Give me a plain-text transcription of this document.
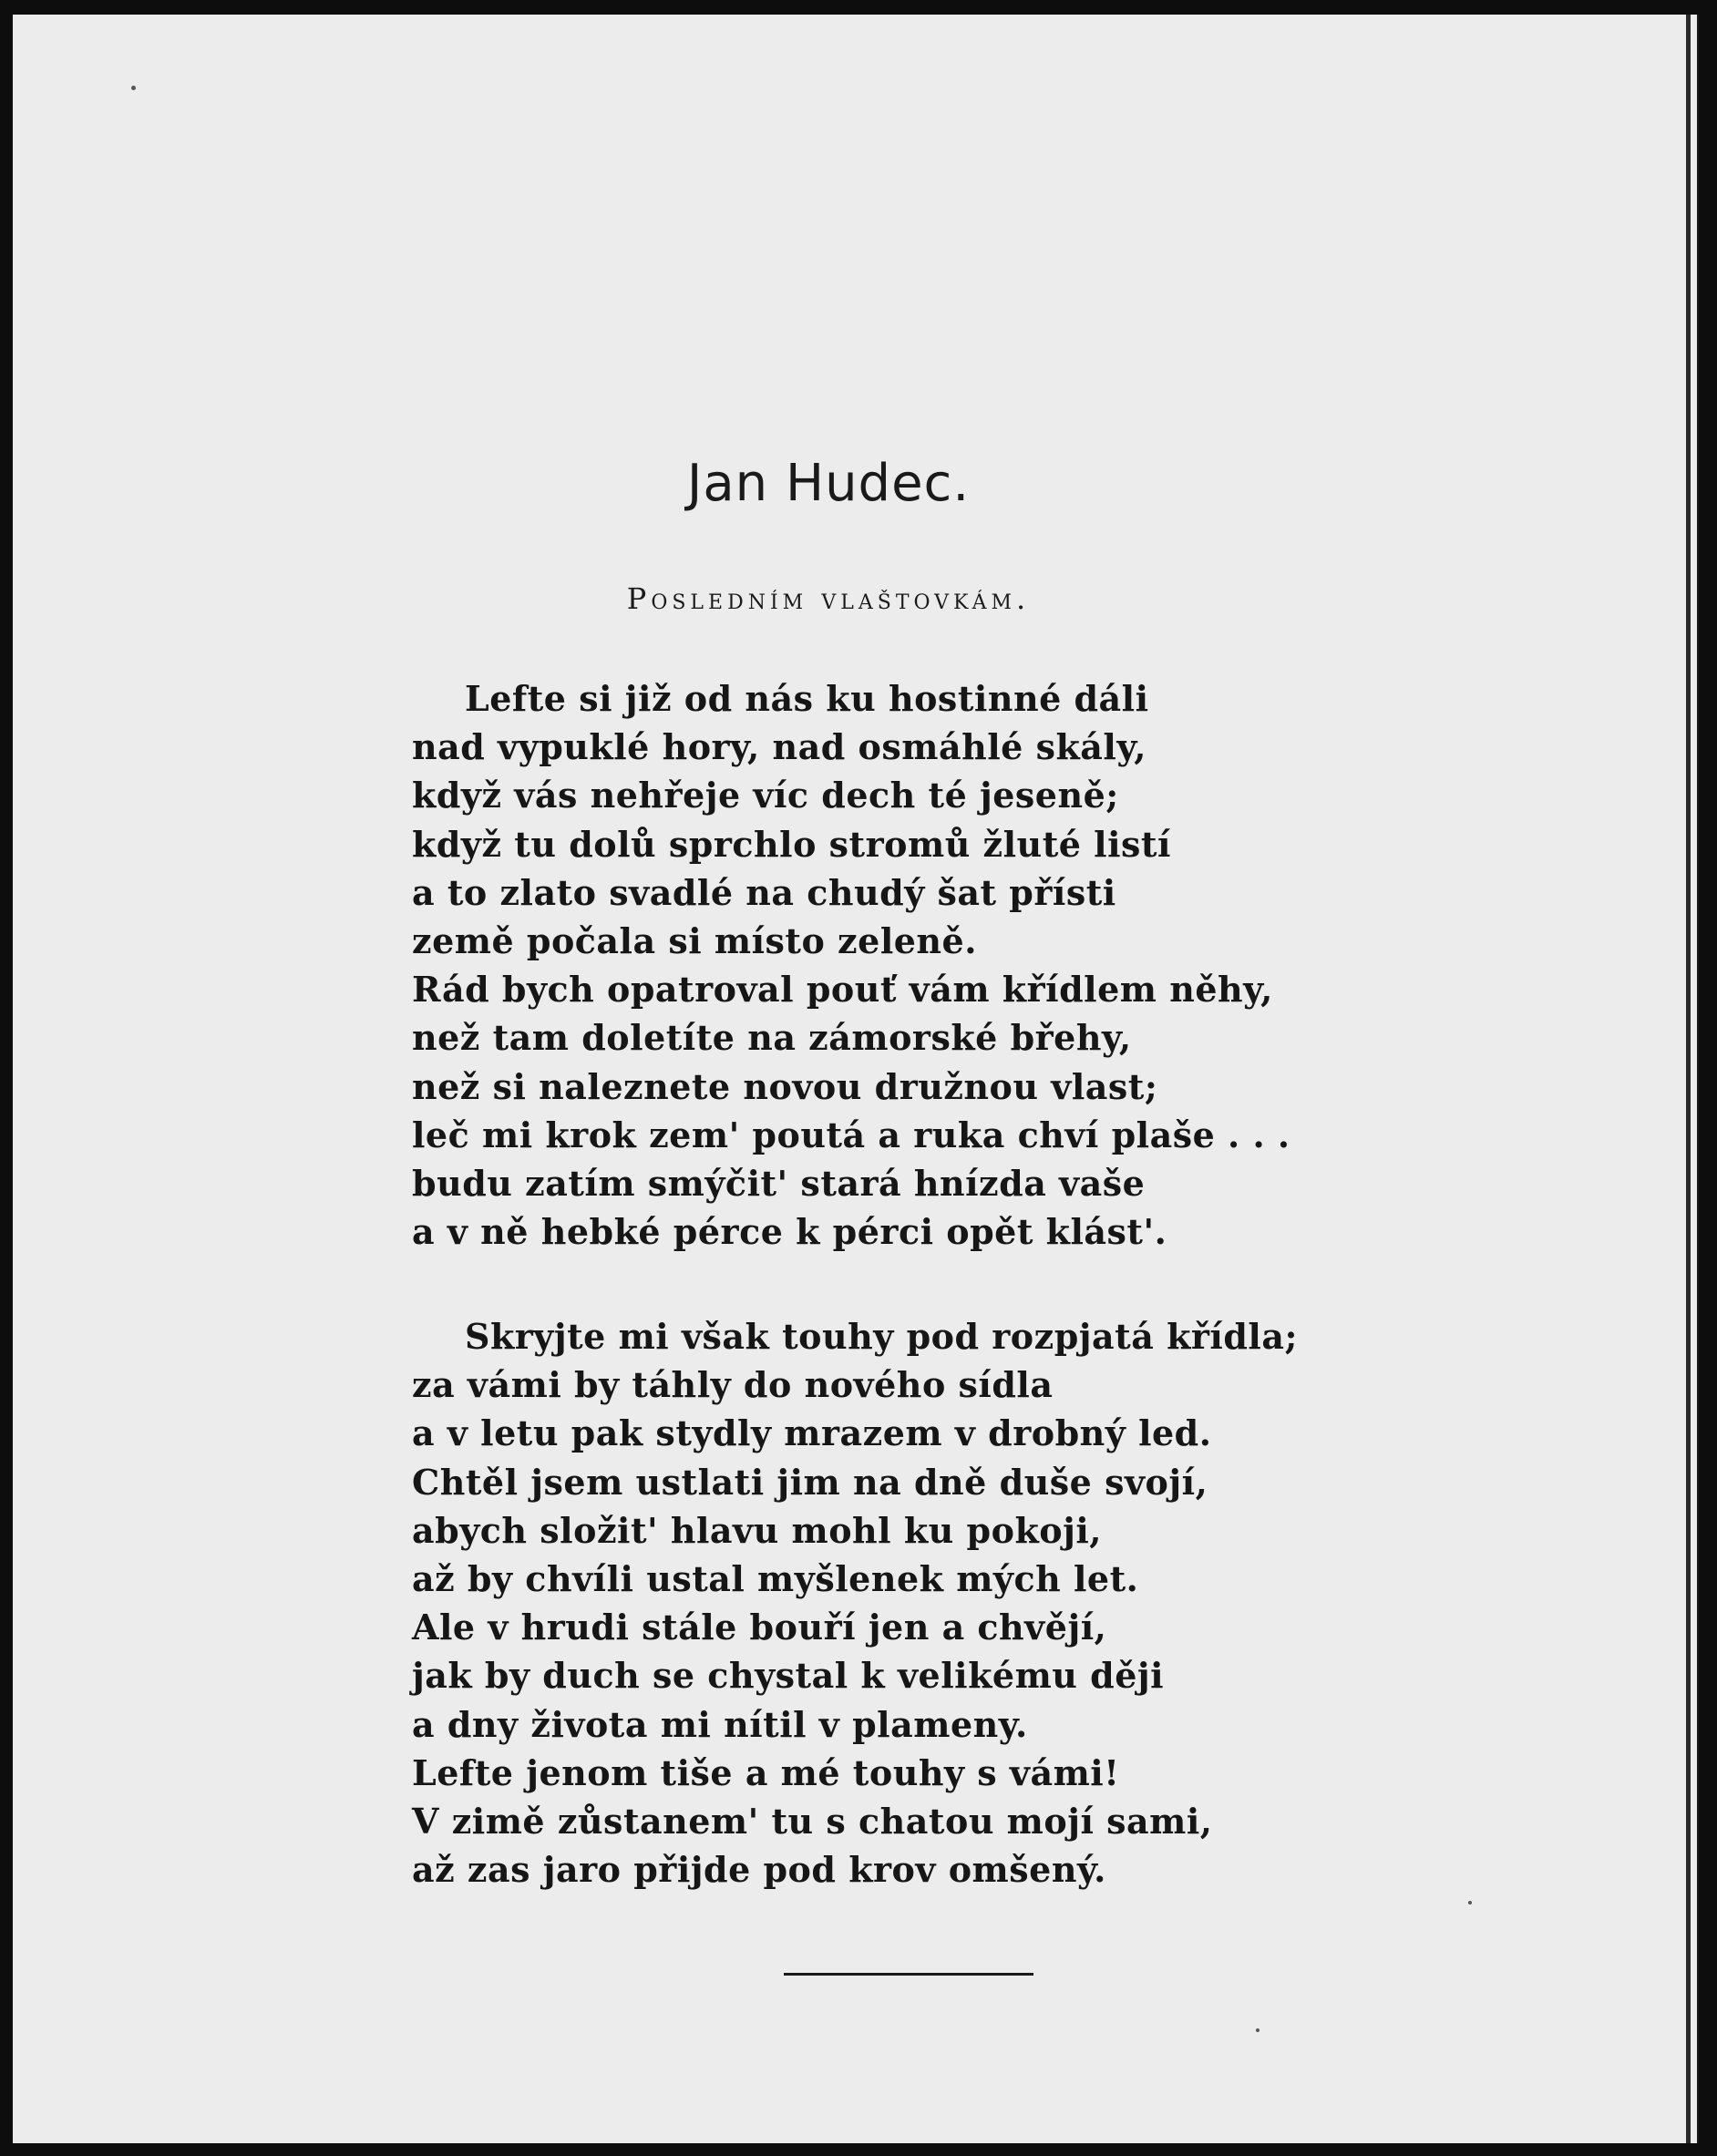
Jan Hudec.
Posledním vlaštovkám.
Lefte si již od nás ku hostinné dáli
nad vypuklé hory, nad osmáhlé skály,
když vás nehřeje víc dech té jeseně;
když tu dolů sprchlo stromů žluté listí
a to zlato svadlé na chudý šat přísti
země počala si místo zeleně.
Rád bych opatroval pouť vám křídlem něhy,
než tam doletíte na zámorské břehy,
než si naleznete novou družnou vlast;
leč mi krok zem' poutá a ruka chví plaše . . .
budu zatím smýčit' stará hnízda vaše
a v ně hebké pérce k pérci opět klást'.
Skryjte mi však touhy pod rozpjatá křídla;
za vámi by táhly do nového sídla
a v letu pak stydly mrazem v drobný led.
Chtěl jsem ustlati jim na dně duše svojí,
abych složit' hlavu mohl ku pokoji,
až by chvíli ustal myšlenek mých let.
Ale v hrudi stále bouří jen a chvějí,
jak by duch se chystal k velikému ději
a dny života mi nítil v plameny.
Lefte jenom tiše a mé touhy s vámi!
V zimě zůstanem' tu s chatou mojí sami,
až zas jaro přijde pod krov omšený.
